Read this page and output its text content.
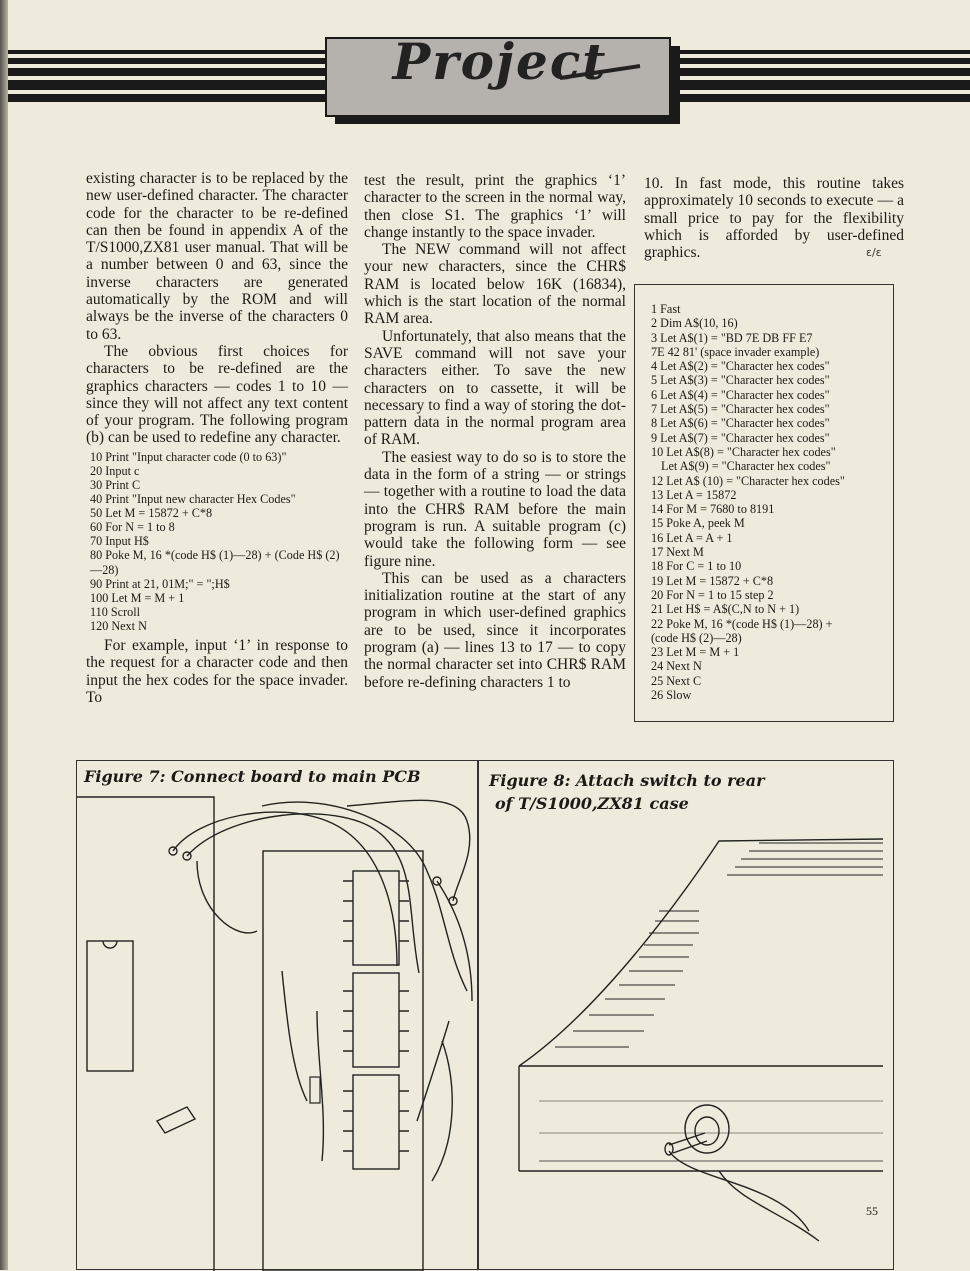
Project

existing character is to be replaced by the new user-defined character. The character code for the character to be re-defined can then be found in appendix A of the T/S1000,ZX81 user manual. That will be a number between 0 and 63, since the inverse characters are generated automatically by the ROM and will always be the inverse of the characters 0 to 63.

The obvious first choices for characters to be re-defined are the graphics characters — codes 1 to 10 — since they will not affect any text content of your program. The following program (b) can be used to redefine any character.

10 Print "Input character code (0 to 63)"
20 Input c
30 Print C
40 Print "Input new character Hex Codes"
50 Let M = 15872 + C*8
60 For N = 1 to 8
70 Input H$
80 Poke M, 16 *(code H$ (1)—28) + (Code H$ (2)—28)
90 Print at 21, 01M;" = ";H$
100 Let M = M + 1
110 Scroll
120 Next N

For example, input ‘1’ in response to the request for a character code and then input the hex codes for the space invader. To

test the result, print the graphics ‘1’ character to the screen in the normal way, then close S1. The graphics ‘1’ will change instantly to the space invader.

The NEW command will not affect your new characters, since the CHR$ RAM is located below 16K (16834), which is the start location of the normal RAM area.

Unfortunately, that also means that the SAVE command will not save your characters either. To save the new characters on to cassette, it will be necessary to find a way of storing the dot-pattern data in the normal program area of RAM.

The easiest way to do so is to store the data in the form of a string — or strings — together with a routine to load the data into the CHR$ RAM before the main program is run. A suitable program (c) would take the following form — see figure nine.

This can be used as a characters initialization routine at the start of any program in which user-defined graphics are to be used, since it incorporates program (a) — lines 13 to 17 — to copy the normal character set into CHR$ RAM before re-defining characters 1 to

10. In fast mode, this routine takes approximately 10 seconds to execute — a small price to pay for the flexibility which is afforded by user-defined graphics.	ε/ε
1 Fast
2 Dim A$(10, 16)
3 Let A$(1) = "BD 7E DB FF E7
7E 42 81' (space invader example)
4 Let A$(2) = "Character hex codes"
5 Let A$(3) = "Character hex codes"
6 Let A$(4) = "Character hex codes"
7 Let A$(5) = "Character hex codes"
8 Let A$(6) = "Character hex codes"
9 Let A$(7) = "Character hex codes"
10 Let A$(8) = "Character hex codes"
Let A$(9) = "Character hex codes"
12 Let A$ (10) = "Character hex codes"
13 Let A = 15872
14 For M = 7680 to 8191
15 Poke A, peek M
16 Let A = A + 1
17 Next M
18 For C = 1 to 10
19 Let M = 15872 + C*8
20 For N = 1 to 15 step 2
21 Let H$ = A$(C,N to N + 1)
22 Poke M, 16 *(code H$ (1)—28) +
(code H$ (2)—28)
23 Let M = M + 1
24 Next N
25 Next C
26 Slow
Figure 7: Connect board to main PCB	Figure 8: Attach switch to rear
of T/S1000,ZX81 case
55
